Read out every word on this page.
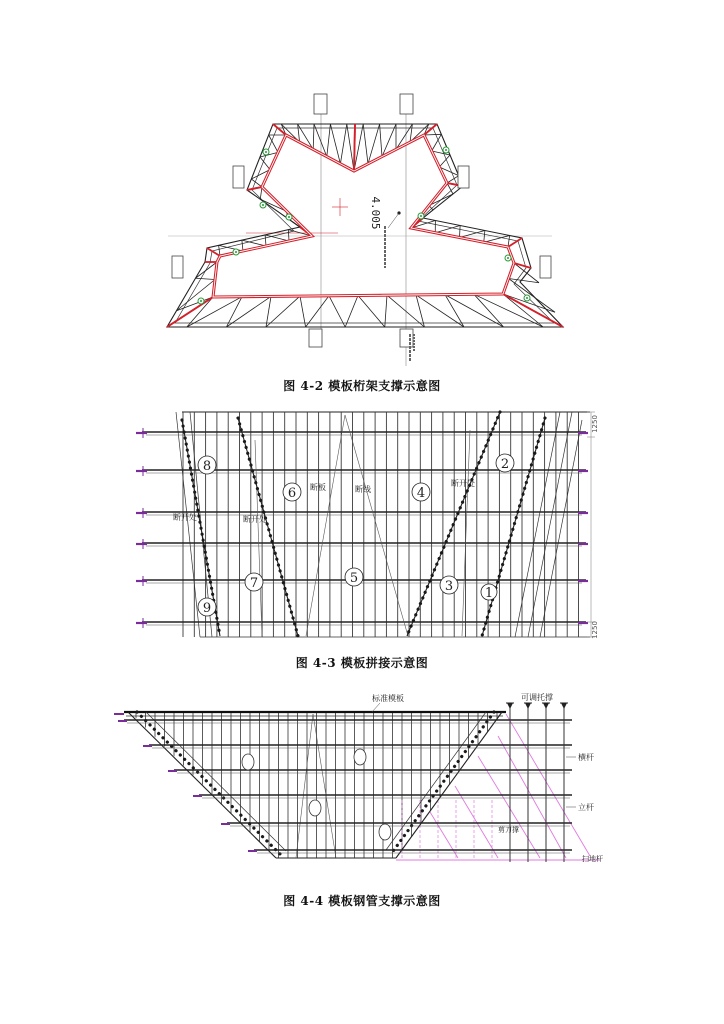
4.005
图 4-2 模板桁架支撑示意图
8
6	4
2
7	5
3 1
9
断板	断线
断开处
断开处	断开处
1250
1250
图 4-3 模板拼接示意图
标准模板	可调托撑
横杆
立杆
剪刀撑
扫地杆
图 4-4 模板钢管支撑示意图
